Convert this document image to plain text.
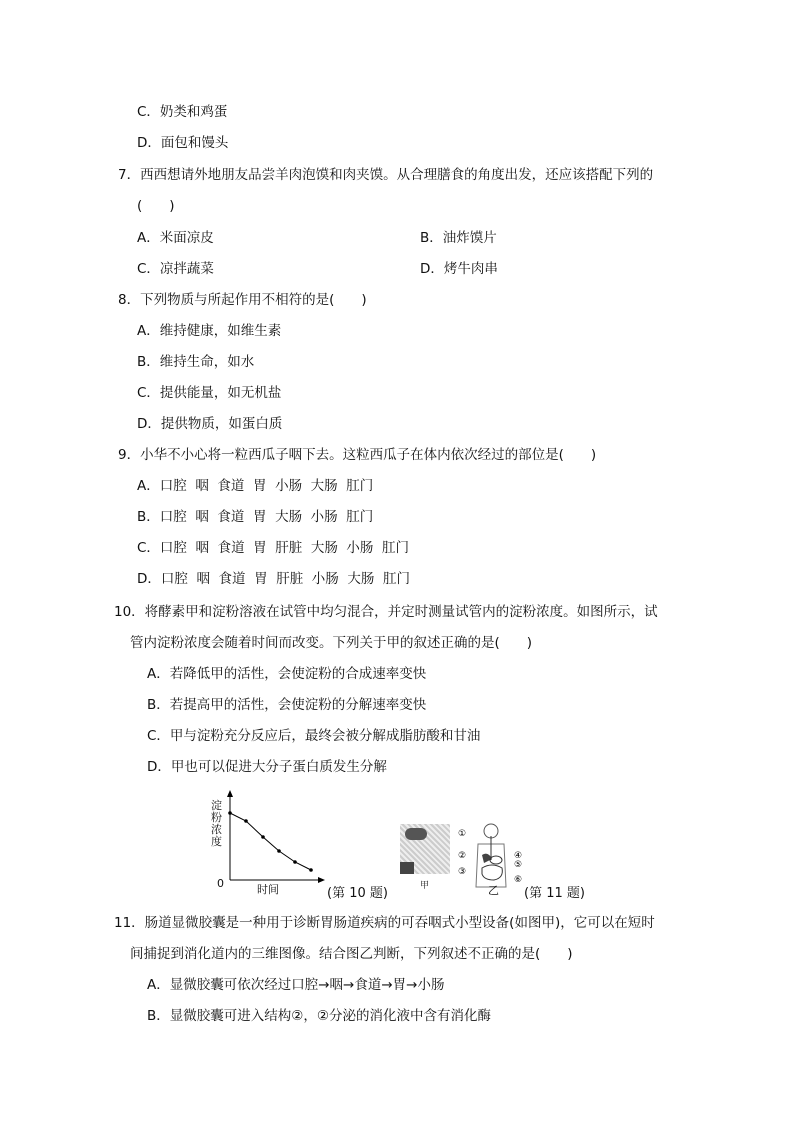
C．奶类和鸡蛋
D．面包和馒头
7．西西想请外地朋友品尝羊肉泡馍和肉夹馍。从合理膳食的角度出发，还应该搭配下列的
(　　)
A．米面凉皮	B．油炸馍片
C．凉拌蔬菜	D．烤牛肉串
8．下列物质与所起作用不相符的是(　　)
A．维持健康，如维生素
B．维持生命，如水
C．提供能量，如无机盐
D．提供物质，如蛋白质
9．小华不小心将一粒西瓜子咽下去。这粒西瓜子在体内依次经过的部位是(　　)
A．口腔  咽  食道  胃  小肠  大肠  肛门
B．口腔  咽  食道  胃  大肠  小肠  肛门
C．口腔  咽  食道  胃  肝脏  大肠  小肠  肛门
D．口腔  咽  食道  胃  肝脏  小肠  大肠  肛门
10．将酵素甲和淀粉溶液在试管中均匀混合，并定时测量试管内的淀粉浓度。如图所示，试
管内淀粉浓度会随着时间而改变。下列关于甲的叙述正确的是(　　)
A．若降低甲的活性，会使淀粉的合成速率变快
B．若提高甲的活性，会使淀粉的分解速率变快
C．甲与淀粉充分反应后，最终会被分解成脂肪酸和甘油
D．甲也可以促进大分子蛋白质发生分解
淀粉浓度
0	时间	(第 10 题)	甲
①
②
③
④
⑤
⑥
乙 (第 11 题)
11．肠道显微胶囊是一种用于诊断胃肠道疾病的可吞咽式小型设备(如图甲)，它可以在短时
间捕捉到消化道内的三维图像。结合图乙判断，下列叙述不正确的是(　　)
A．显微胶囊可依次经过口腔→咽→食道→胃→小肠
B．显微胶囊可进入结构②，②分泌的消化液中含有消化酶
